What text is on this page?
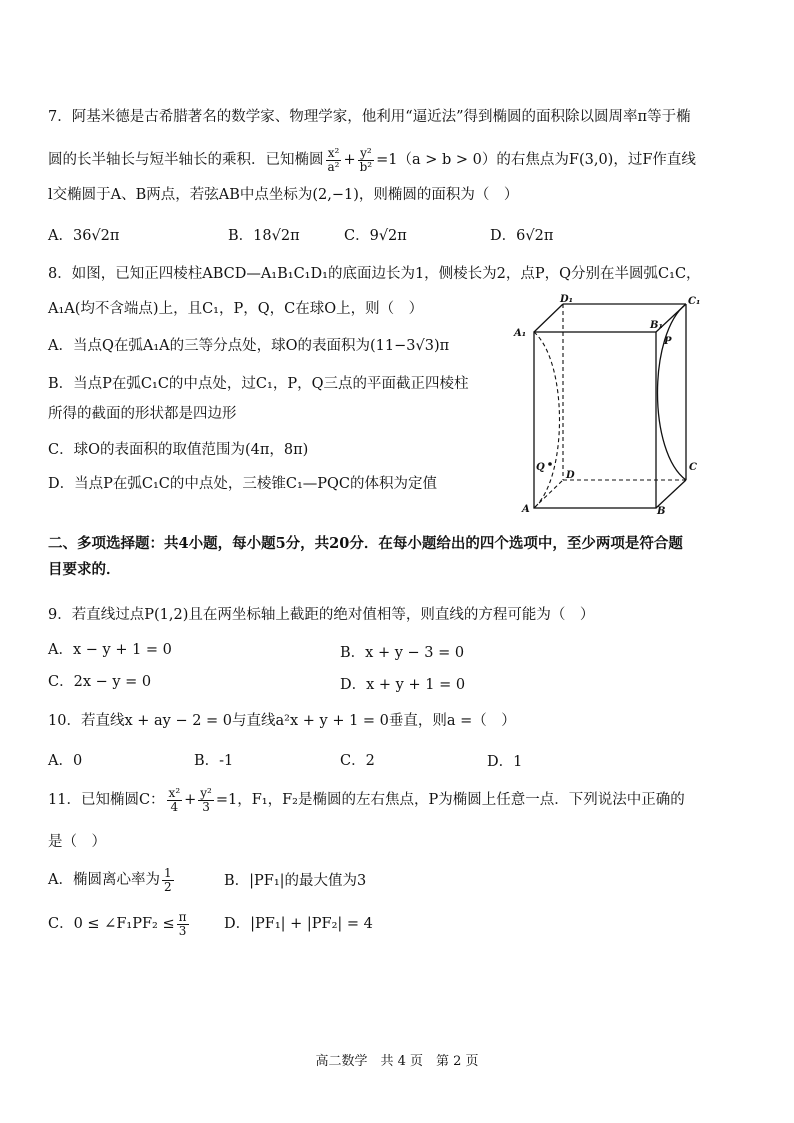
7．阿基米德是古希腊著名的数学家、物理学家，他利用“逼近法”得到椭圆的面积除以圆周率π等于椭
圆的长半轴长与短半轴长的乘积．已知椭圆 $\frac{\text{x²}}{\text{a²}} + \frac{\text{y²}}{\text{b²}} =1(a > b > 0)$的右焦点为F(3,0)，过F作直线
l交椭圆于A、B两点，若弦AB中点坐标为(2,−1)，则椭圆的面积为（　）
A．36√2π	B．18√2π	C．9√2π	D．6√2π
8．如图，已知正四棱柱ABCD—A₁B₁C₁D₁的底面边长为1，侧棱长为2，点P，Q分别在半圆弧C₁C，
A₁A(均不含端点)上，且C₁，P，Q，C在球O上，则（　）
A．当点Q在弧A₁A的三等分点处，球O的表面积为(11−3√3)π
B．当点P在弧C₁C的中点处，过C₁，P，Q三点的平面截正四棱柱
所得的截面的形状都是四边形
C．球O的表面积的取值范围为(4π，8π)
D．当点P在弧C₁C的中点处，三棱锥C₁—PQC的体积为定值
D₁	C₁
A₁
B₁
P
Q
D
C
A	B
二、多项选择题：共4小题，每小题5分，共20分．在每小题给出的四个选项中，至少两项是符合题
目要求的．
9．若直线过点P(1,2)且在两坐标轴上截距的绝对值相等，则直线的方程可能为（　）
A．x − y + 1 = 0	B．x + y − 3 = 0
C．2x − y = 0	D．x + y + 1 = 0
10．若直线x + ay − 2 = 0与直线a²x + y + 1 = 0垂直，则a =（　）
A．0	B．-1	C．2	D．1
11．已知椭圆C： $\frac{\text{x²}}{4} + \frac{\text{y²}}{3} =1$，F₁，F₂是椭圆的左右焦点，P为椭圆上任意一点．下列说法中正确的
是（　）
A．椭圆离心率为 $\frac{1}{2}$	B．|PF₁|的最大值为3
C．0 ≤ ∠F₁PF₂ ≤ $\frac{\pi}{3}$ D．|PF₁| + |PF₂| = 4
高二数学　共 4 页　第 2 页
